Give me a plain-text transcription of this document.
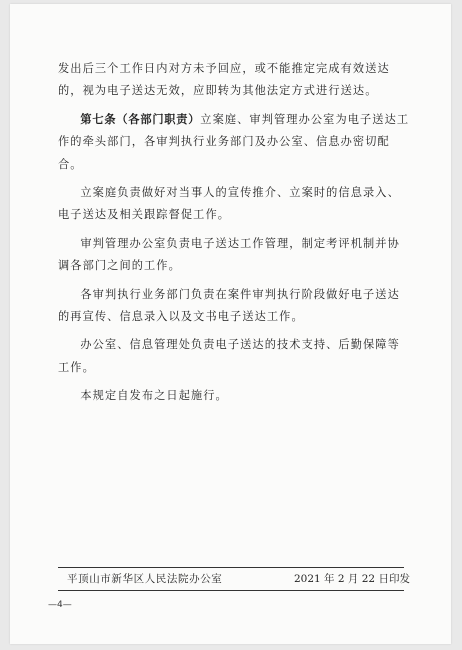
发出后三个工作日内对方未予回应，或不能推定完成有效送达的，视为电子送达无效，应即转为其他法定方式进行送达。

第七条（各部门职责）立案庭、审判管理办公室为电子送达工作的牵头部门，各审判执行业务部门及办公室、信息办密切配合。

立案庭负责做好对当事人的宣传推介、立案时的信息录入、电子送达及相关跟踪督促工作。

审判管理办公室负责电子送达工作管理，制定考评机制并协调各部门之间的工作。

各审判执行业务部门负责在案件审判执行阶段做好电子送达的再宣传、信息录入以及文书电子送达工作。

办公室、信息管理处负责电子送达的技术支持、后勤保障等工作。

本规定自发布之日起施行。

平顶山市新华区人民法院办公室	2021 年 2 月 22 日印发
—4—
